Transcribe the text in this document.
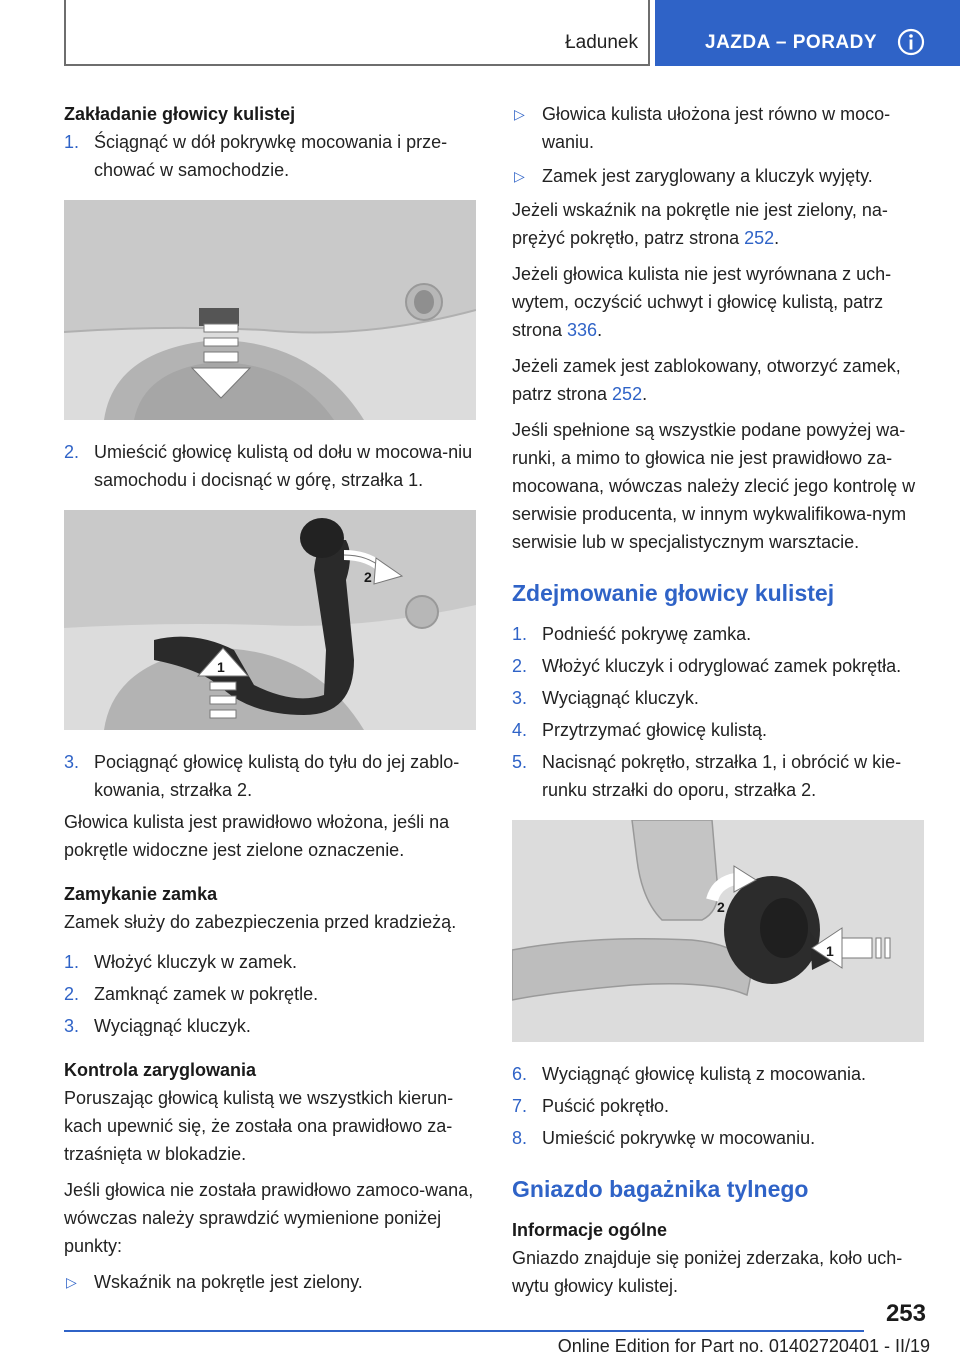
Ładunek	JAZDA – PORADY
Zakładanie głowicy kulistej
1. Ściągnąć w dół pokrywkę mocowania i prze-chować w samochodzie.
2. Umieścić głowicę kulistą od dołu w mocowa-niu samochodu i docisnąć w górę, strzałka 1.
2
1
3. Pociągnąć głowicę kulistą do tyłu do jej zablo-kowania, strzałka 2.

Głowica kulista jest prawidłowo włożona, jeśli na pokrętle widoczne jest zielone oznaczenie.

Zamykanie zamka

Zamek służy do zabezpieczenia przed kradzieżą.

1. Włożyć kluczyk w zamek.
2. Zamknąć zamek w pokrętle.
3. Wyciągnąć kluczyk.
Kontrola zaryglowania

Poruszając głowicą kulistą we wszystkich kierun-kach upewnić się, że została ona prawidłowo za-trzaśnięta w blokadzie.

Jeśli głowica nie została prawidłowo zamoco-wana, wówczas należy sprawdzić wymienione poniżej punkty:

▷ Wskaźnik na pokrętle jest zielony.
▷ Głowica kulista ułożona jest równo w moco-waniu.
▷ Zamek jest zaryglowany a kluczyk wyjęty.

Jeżeli wskaźnik na pokrętle nie jest zielony, na-prężyć pokrętło, patrz strona 252.

Jeżeli głowica kulista nie jest wyrównana z uch-wytem, oczyścić uchwyt i głowicę kulistą, patrz strona 336.

Jeżeli zamek jest zablokowany, otworzyć zamek, patrz strona 252.

Jeśli spełnione są wszystkie podane powyżej wa-runki, a mimo to głowica nie jest prawidłowo za-mocowana, wówczas należy zlecić jego kontrolę w serwisie producenta, w innym wykwalifikowa-nym serwisie lub w specjalistycznym warsztacie.

Zdejmowanie głowicy kulistej
1. Podnieść pokrywę zamka.
2. Włożyć kluczyk i odryglować zamek pokrętła.
3. Wyciągnąć kluczyk.
4. Przytrzymać głowicę kulistą.
5. Nacisnąć pokrętło, strzałka 1, i obrócić w kie-runku strzałki do oporu, strzałka 2.
2
1
6. Wyciągnąć głowicę kulistą z mocowania.
7. Puścić pokrętło.
8. Umieścić pokrywkę w mocowaniu.
Gniazdo bagażnika tylnego
Informacje ogólne

Gniazdo znajduje się poniżej zderzaka, koło uch-wytu głowicy kulistej.

253
Online Edition for Part no. 01402720401 - II/19
